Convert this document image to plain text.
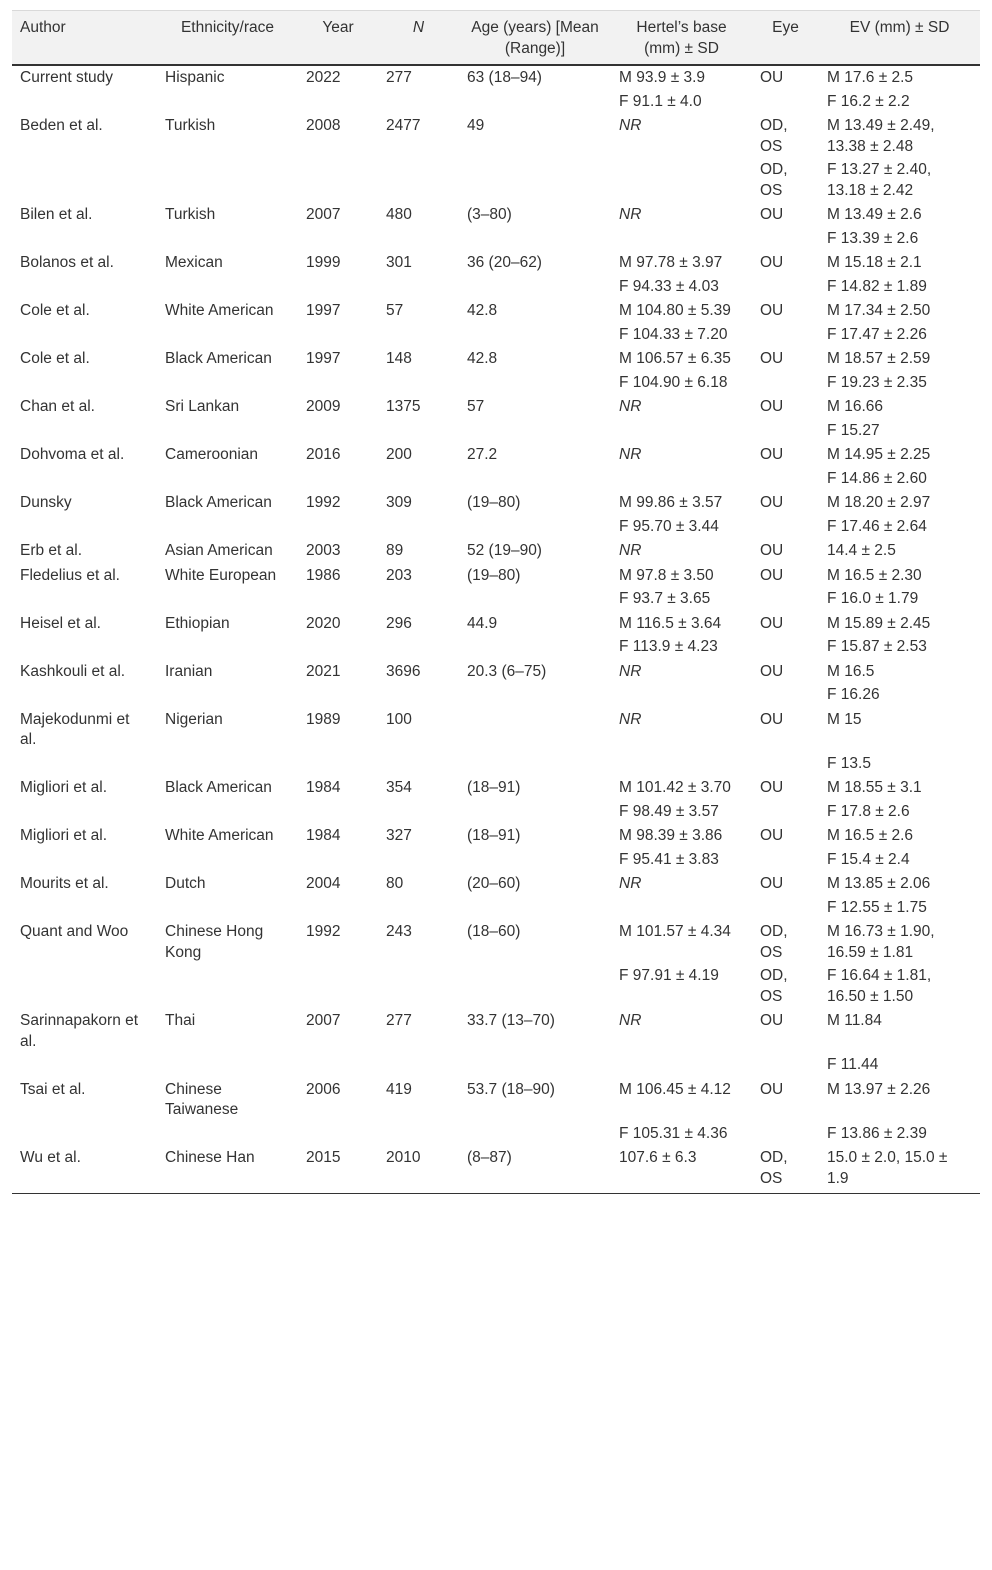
Author	Ethnicity/race	Year	N	Age (years) [Mean (Range)]	Hertel’s base (mm) ± SD	Eye	EV (mm) ± SD
Current study	Hispanic	2022	277	63 (18–94)	M 93.9 ± 3.9	OU	M 17.6 ± 2.5
					F 91.1 ± 4.0		F 16.2 ± 2.2
Beden et al.	Turkish	2008	2477	49	NR	OD, OS	M 13.49 ± 2.49, 13.38 ± 2.48
						OD, OS	F 13.27 ± 2.40, 13.18 ± 2.42
Bilen et al.	Turkish	2007	480	(3–80)	NR	OU	M 13.49 ± 2.6
							F 13.39 ± 2.6
Bolanos et al.	Mexican	1999	301	36 (20–62)	M 97.78 ± 3.97	OU	M 15.18 ± 2.1
					F 94.33 ± 4.03		F 14.82 ± 1.89
Cole et al.	White American	1997	57	42.8	M 104.80 ± 5.39	OU	M 17.34 ± 2.50
					F 104.33 ± 7.20		F 17.47 ± 2.26
Cole et al.	Black American	1997	148	42.8	M 106.57 ± 6.35	OU	M 18.57 ± 2.59
					F 104.90 ± 6.18		F 19.23 ± 2.35
Chan et al.	Sri Lankan	2009	1375	57	NR	OU	M 16.66
							F 15.27
Dohvoma et al.	Cameroonian	2016	200	27.2	NR	OU	M 14.95 ± 2.25
							F 14.86 ± 2.60
Dunsky	Black American	1992	309	(19–80)	M 99.86 ± 3.57	OU	M 18.20 ± 2.97
					F 95.70 ± 3.44		F 17.46 ± 2.64
Erb et al.	Asian American	2003	89	52 (19–90)	NR	OU	14.4 ± 2.5
Fledelius et al.	White European	1986	203	(19–80)	M 97.8 ± 3.50	OU	M 16.5 ± 2.30
					F 93.7 ± 3.65		F 16.0 ± 1.79
Heisel et al.	Ethiopian	2020	296	44.9	M 116.5 ± 3.64	OU	M 15.89 ± 2.45
					F 113.9 ± 4.23		F 15.87 ± 2.53
Kashkouli et al.	Iranian	2021	3696	20.3 (6–75)	NR	OU	M 16.5
							F 16.26
Majekodunmi et al.	Nigerian	1989	100		NR	OU	M 15
							F 13.5
Migliori et al.	Black American	1984	354	(18–91)	M 101.42 ± 3.70	OU	M 18.55 ± 3.1
					F 98.49 ± 3.57		F 17.8 ± 2.6
Migliori et al.	White American	1984	327	(18–91)	M 98.39 ± 3.86	OU	M 16.5 ± 2.6
					F 95.41 ± 3.83		F 15.4 ± 2.4
Mourits et al.	Dutch	2004	80	(20–60)	NR	OU	M 13.85 ± 2.06
							F 12.55 ± 1.75
Quant and Woo	Chinese Hong Kong	1992	243	(18–60)	M 101.57 ± 4.34	OD, OS	M 16.73 ± 1.90, 16.59 ± 1.81
					F 97.91 ± 4.19	OD, OS	F 16.64 ± 1.81, 16.50 ± 1.50
Sarinnapakorn et al.	Thai	2007	277	33.7 (13–70)	NR	OU	M 11.84
							F 11.44
Tsai et al.	Chinese Taiwanese	2006	419	53.7 (18–90)	M 106.45 ± 4.12	OU	M 13.97 ± 2.26
					F 105.31 ± 4.36		F 13.86 ± 2.39
Wu et al.	Chinese Han	2015	2010	(8–87)	107.6 ± 6.3	OD, OS	15.0 ± 2.0, 15.0 ± 1.9
